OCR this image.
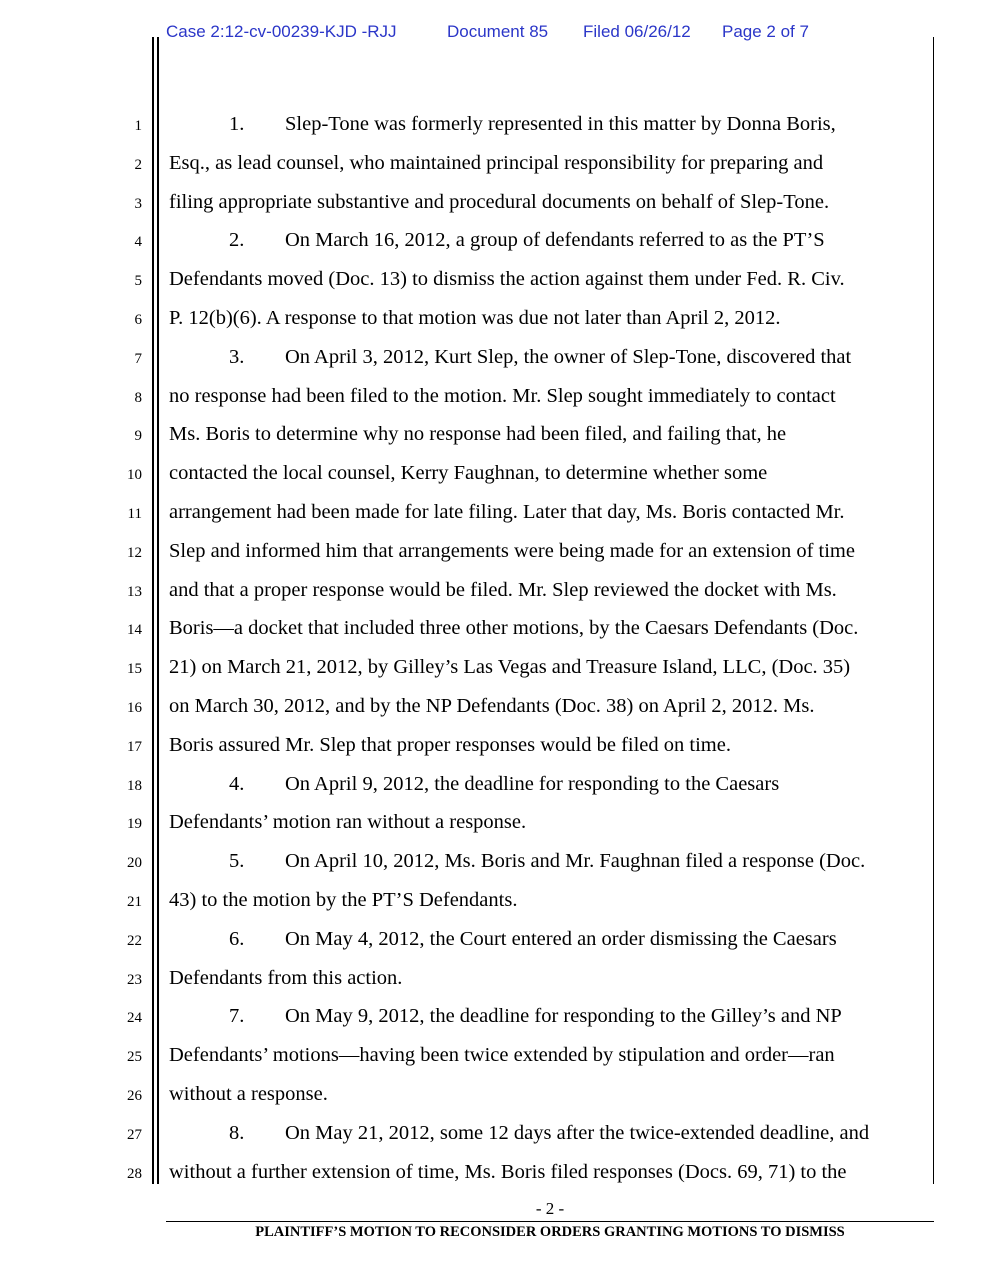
Case 2:12-cv-00239-KJD -RJJ	Document 85 Filed 06/26/12 Page 2 of 7
1
2
3
4
5
6
7
8
9
10
11
12
13
14
15
16
17
18
19
20
21
22
23
24
25
26
27
28
1. Slep-Tone was formerly represented in this matter by Donna Boris,
Esq., as lead counsel, who maintained principal responsibility for preparing and
filing appropriate substantive and procedural documents on behalf of Slep-Tone.
2. On March 16, 2012, a group of defendants referred to as the PT’S
Defendants moved (Doc. 13) to dismiss the action against them under Fed. R. Civ.
P. 12(b)(6). A response to that motion was due not later than April 2, 2012.
3. On April 3, 2012, Kurt Slep, the owner of Slep-Tone, discovered that
no response had been filed to the motion. Mr. Slep sought immediately to contact
Ms. Boris to determine why no response had been filed, and failing that, he
contacted the local counsel, Kerry Faughnan, to determine whether some
arrangement had been made for late filing. Later that day, Ms. Boris contacted Mr.
Slep and informed him that arrangements were being made for an extension of time
and that a proper response would be filed. Mr. Slep reviewed the docket with Ms.
Boris—a docket that included three other motions, by the Caesars Defendants (Doc.
21) on March 21, 2012, by Gilley’s Las Vegas and Treasure Island, LLC, (Doc. 35)
on March 30, 2012, and by the NP Defendants (Doc. 38) on April 2, 2012. Ms.
Boris assured Mr. Slep that proper responses would be filed on time.
4. On April 9, 2012, the deadline for responding to the Caesars
Defendants’ motion ran without a response.
5. On April 10, 2012, Ms. Boris and Mr. Faughnan filed a response (Doc.
43) to the motion by the PT’S Defendants.
6. On May 4, 2012, the Court entered an order dismissing the Caesars
Defendants from this action.
7. On May 9, 2012, the deadline for responding to the Gilley’s and NP
Defendants’ motions—having been twice extended by stipulation and order—ran
without a response.
8. On May 21, 2012, some 12 days after the twice-extended deadline, and
without a further extension of time, Ms. Boris filed responses (Docs. 69, 71) to the
- 2 -
PLAINTIFF’S MOTION TO RECONSIDER ORDERS GRANTING MOTIONS TO DISMISS
